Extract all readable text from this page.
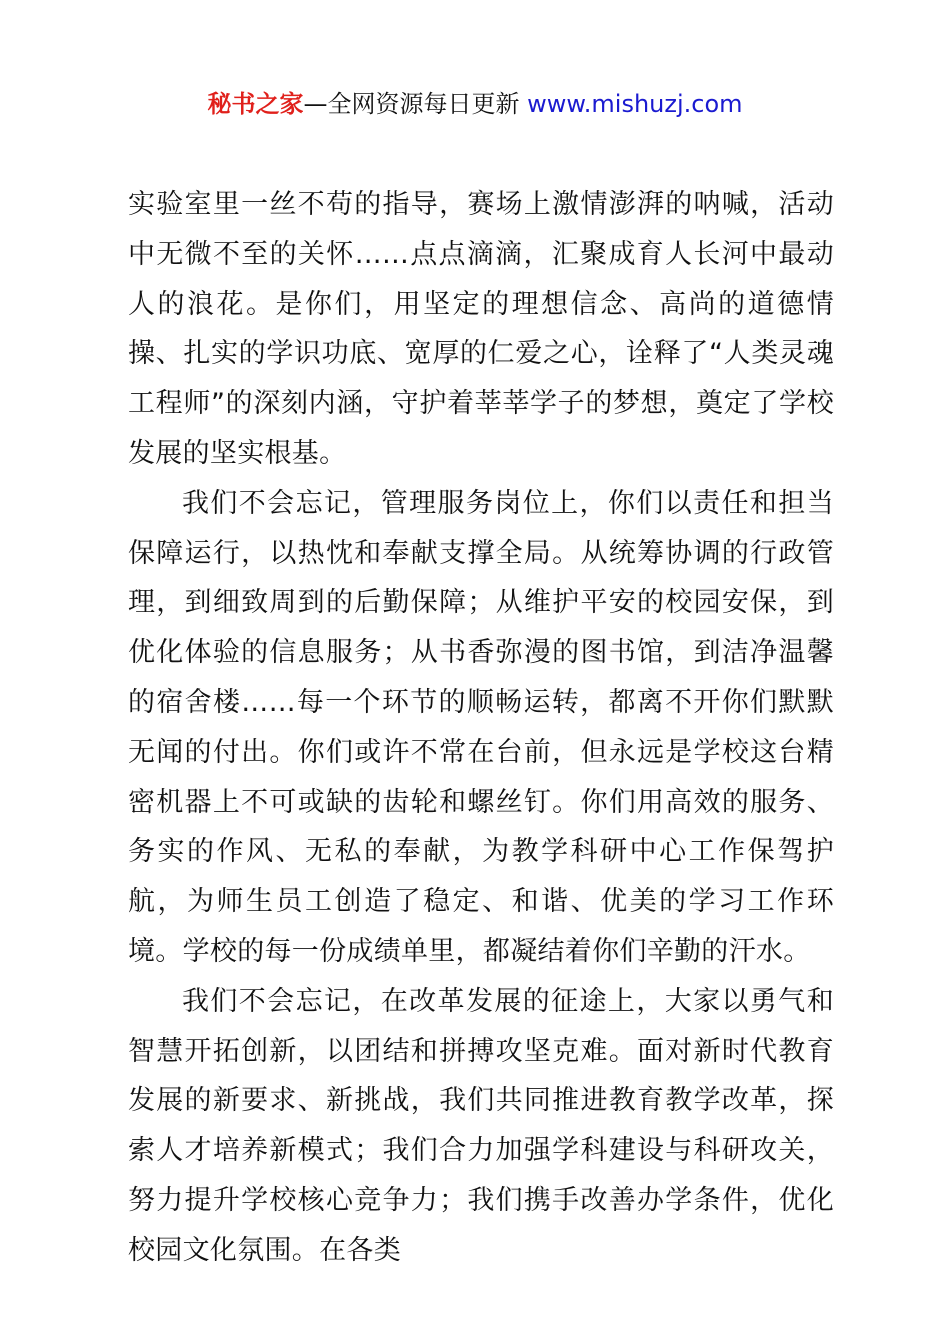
秘书之家—全网资源每日更新 www.mishuzj.com

实验室里一丝不苟的指导，赛场上激情澎湃的呐喊，活动中无微不至的关怀……点点滴滴，汇聚成育人长河中最动人的浪花。是你们，用坚定的理想信念、高尚的道德情操、扎实的学识功底、宽厚的仁爱之心，诠释了“人类灵魂工程师”的深刻内涵，守护着莘莘学子的梦想，奠定了学校发展的坚实根基。

我们不会忘记，管理服务岗位上，你们以责任和担当保障运行，以热忱和奉献支撑全局。从统筹协调的行政管理，到细致周到的后勤保障；从维护平安的校园安保，到优化体验的信息服务；从书香弥漫的图书馆，到洁净温馨的宿舍楼……每一个环节的顺畅运转，都离不开你们默默无闻的付出。你们或许不常在台前，但永远是学校这台精密机器上不可或缺的齿轮和螺丝钉。你们用高效的服务、务实的作风、无私的奉献，为教学科研中心工作保驾护航，为师生员工创造了稳定、和谐、优美的学习工作环境。学校的每一份成绩单里，都凝结着你们辛勤的汗水。

我们不会忘记，在改革发展的征途上，大家以勇气和智慧开拓创新，以团结和拼搏攻坚克难。面对新时代教育发展的新要求、新挑战，我们共同推进教育教学改革，探索人才培养新模式；我们合力加强学科建设与科研攻关，努力提升学校核心竞争力；我们携手改善办学条件，优化校园文化氛围。在各类
